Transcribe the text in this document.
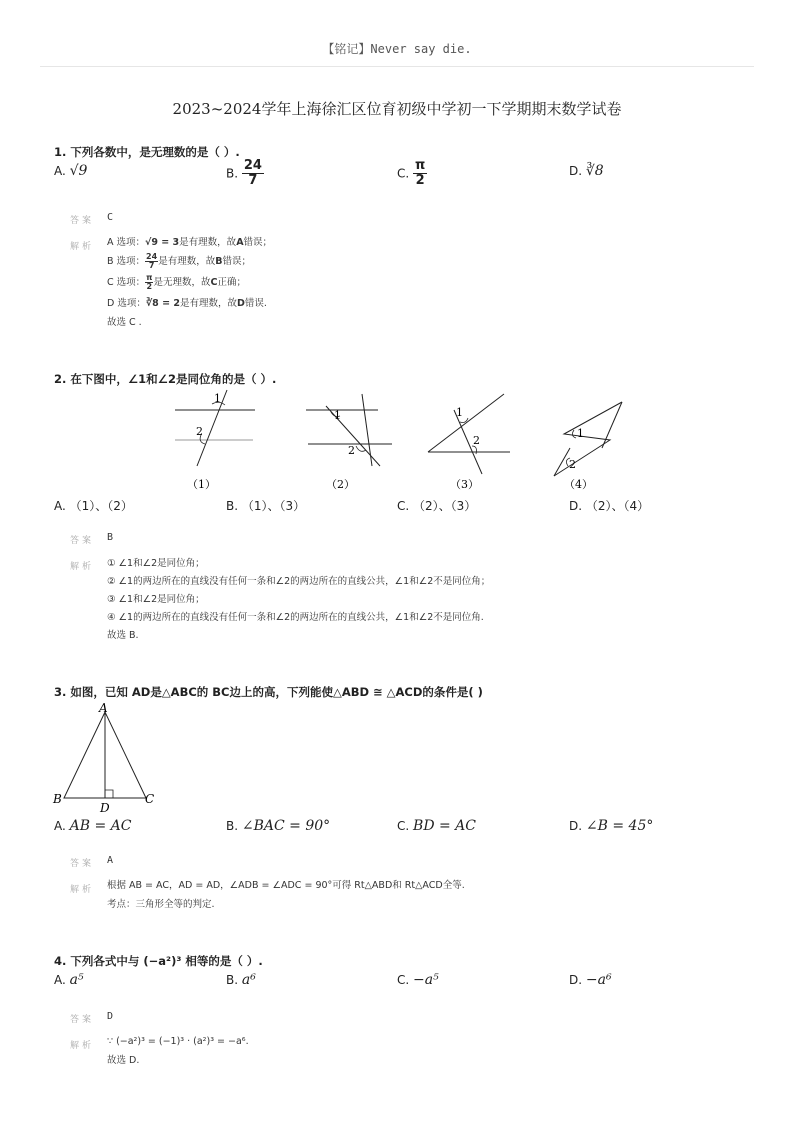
【铭记】Never say die.
2023~2024学年上海徐汇区位育初级中学初一下学期期末数学试卷
1. 下列各数中，是无理数的是（ ）.
A. √9	B. $\frac{24}{7}$	C. $\frac{\pi}{2}$	D. ∛8
答案 C
解析 A 选项：√9 = 3是有理数，故A错误；
B 选项： $\frac{24}{7}$是有理数，故B错误；
C 选项： $\frac{\pi}{2}$是无理数，故C正确；
D 选项：∛8 = 2是有理数，故D错误.
故选 C .
2. 在下图中，∠1和∠2是同位角的是（ ）.
1
2
（1）
1
2
（2）
1
2
（3）
1
2
（4）
A. （1）、（2）	B. （1）、（3）	C. （2）、（3）	D. （2）、（4）
答案 B
解析 ① ∠1和∠2是同位角；
② ∠1的两边所在的直线没有任何一条和∠2的两边所在的直线公共，∠1和∠2不是同位角；
③ ∠1和∠2是同位角；
④ ∠1的两边所在的直线没有任何一条和∠2的两边所在的直线公共，∠1和∠2不是同位角.
故选 B.
3. 如图，已知 AD是△ABC的 BC边上的高，下列能使△ABD ≅ △ACD的条件是( )
A
B	C
D
A. AB = AC	B. ∠BAC = 90°	C. BD = AC	D. ∠B = 45°
答案 A
解析 根据 AB = AC，AD = AD，∠ADB = ∠ADC = 90°可得 Rt△ABD和 Rt△ACD全等.
考点：三角形全等的判定.
4. 下列各式中与 (−a²)³ 相等的是（ ）.
A. a⁵	B. a⁶	C. −a⁵	D. −a⁶
答案 D
解析 ∵ (−a²)³ = (−1)³ · (a²)³ = −a⁶.
故选 D.
